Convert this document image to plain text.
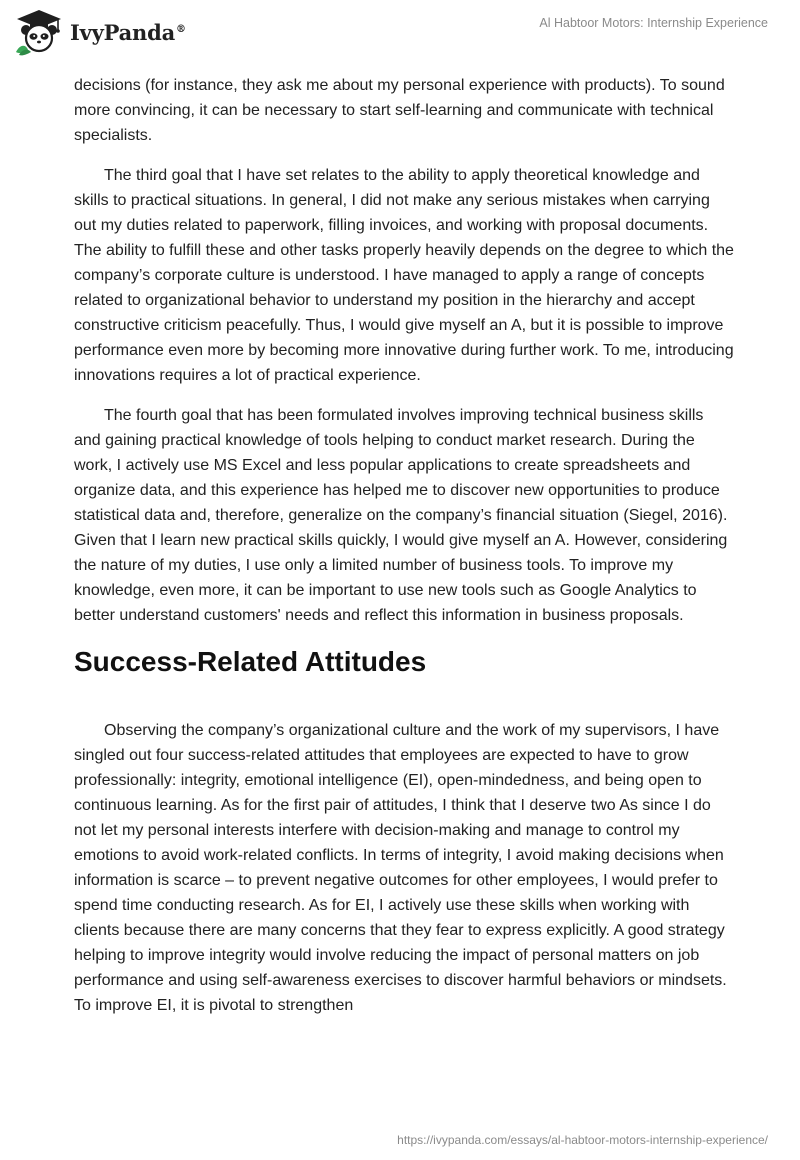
IvyPanda®	Al Habtoor Motors: Internship Experience

decisions (for instance, they ask me about my personal experience with products). To sound more convincing, it can be necessary to start self-learning and communicate with technical specialists.

The third goal that I have set relates to the ability to apply theoretical knowledge and skills to practical situations. In general, I did not make any serious mistakes when carrying out my duties related to paperwork, filling invoices, and working with proposal documents. The ability to fulfill these and other tasks properly heavily depends on the degree to which the company’s corporate culture is understood. I have managed to apply a range of concepts related to organizational behavior to understand my position in the hierarchy and accept constructive criticism peacefully. Thus, I would give myself an A, but it is possible to improve performance even more by becoming more innovative during further work. To me, introducing innovations requires a lot of practical experience.

The fourth goal that has been formulated involves improving technical business skills and gaining practical knowledge of tools helping to conduct market research. During the work, I actively use MS Excel and less popular applications to create spreadsheets and organize data, and this experience has helped me to discover new opportunities to produce statistical data and, therefore, generalize on the company’s financial situation (Siegel, 2016). Given that I learn new practical skills quickly, I would give myself an A. However, considering the nature of my duties, I use only a limited number of business tools. To improve my knowledge, even more, it can be important to use new tools such as Google Analytics to better understand customers' needs and reflect this information in business proposals.

Success-Related Attitudes

Observing the company’s organizational culture and the work of my supervisors, I have singled out four success-related attitudes that employees are expected to have to grow professionally: integrity, emotional intelligence (EI), open-mindedness, and being open to continuous learning. As for the first pair of attitudes, I think that I deserve two As since I do not let my personal interests interfere with decision-making and manage to control my emotions to avoid work-related conflicts. In terms of integrity, I avoid making decisions when information is scarce – to prevent negative outcomes for other employees, I would prefer to spend time conducting research. As for EI, I actively use these skills when working with clients because there are many concerns that they fear to express explicitly. A good strategy helping to improve integrity would involve reducing the impact of personal matters on job performance and using self-awareness exercises to discover harmful behaviors or mindsets. To improve EI, it is pivotal to strengthen

https://ivypanda.com/essays/al-habtoor-motors-internship-experience/
